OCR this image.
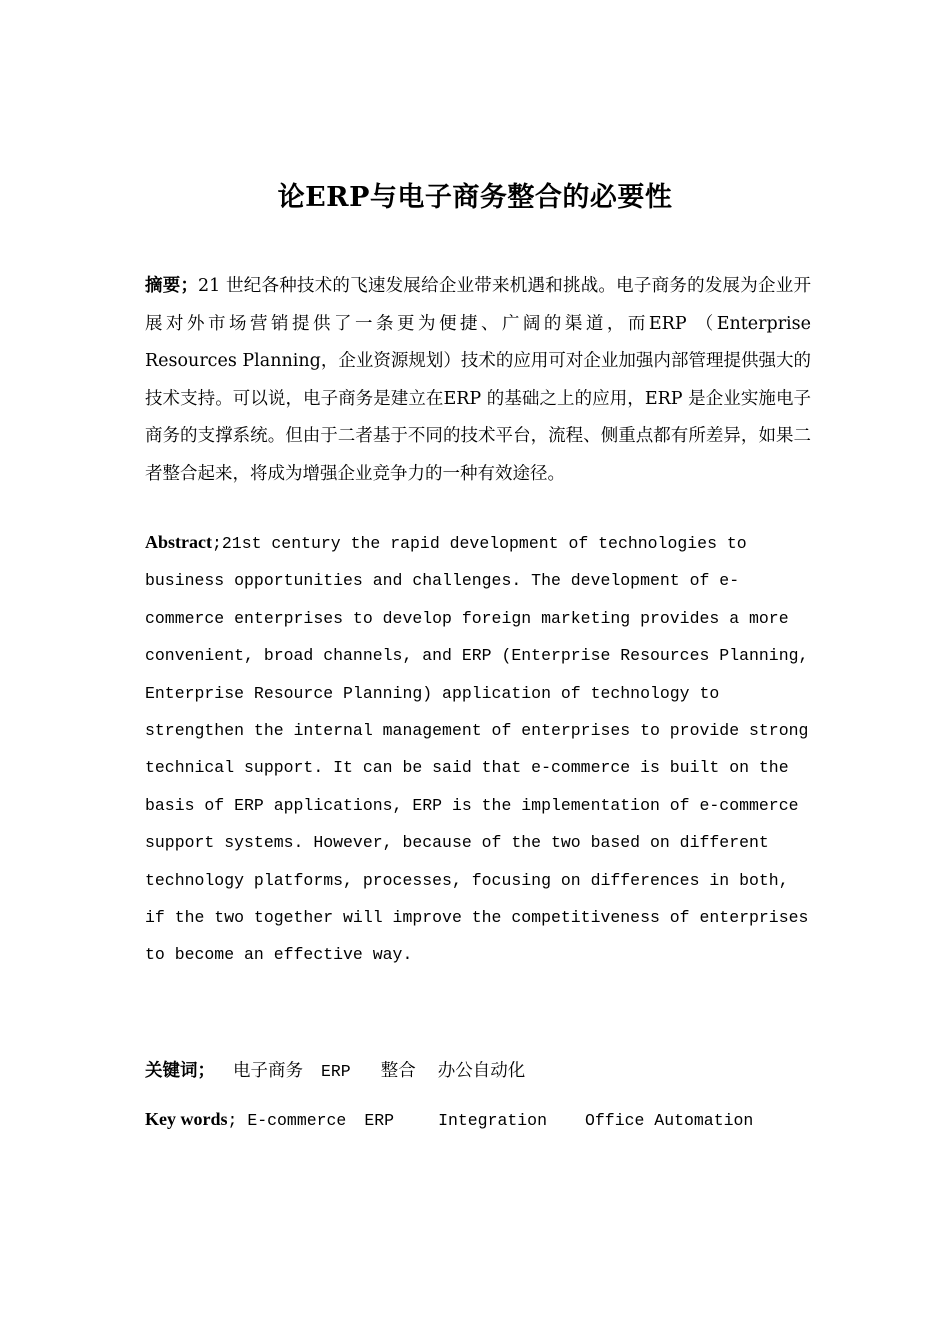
论ERP与电子商务整合的必要性
摘要；21 世纪各种技术的飞速发展给企业带来机遇和挑战。电子商务的发展为企业开展对外市场营销提供了一条更为便捷、广阔的渠道，而ERP （Enterprise Resources Planning，企业资源规划）技术的应用可对企业加强内部管理提供强大的技术支持。可以说，电子商务是建立在ERP 的基础之上的应用，ERP 是企业实施电子商务的支撑系统。但由于二者基于不同的技术平台，流程、侧重点都有所差异，如果二者整合起来，将成为增强企业竞争力的一种有效途径。
Abstract;21st century the rapid development of technologies to business opportunities and challenges. The development of e-commerce enterprises to develop foreign marketing provides a more convenient, broad channels, and ERP (Enterprise Resources Planning, Enterprise Resource Planning) application of technology to strengthen the internal management of enterprises to provide strong technical support. It can be said that e-commerce is built on the basis of ERP applications, ERP is the implementation of e-commerce support systems. However, because of the two based on different technology platforms, processes, focusing on differences in both, if the two together will improve the competitiveness of enterprises to become an effective way.
关键词； 电子商务 ERP 整合 办公自动化
Key words; E-commerce ERP	Integration Office Automation
